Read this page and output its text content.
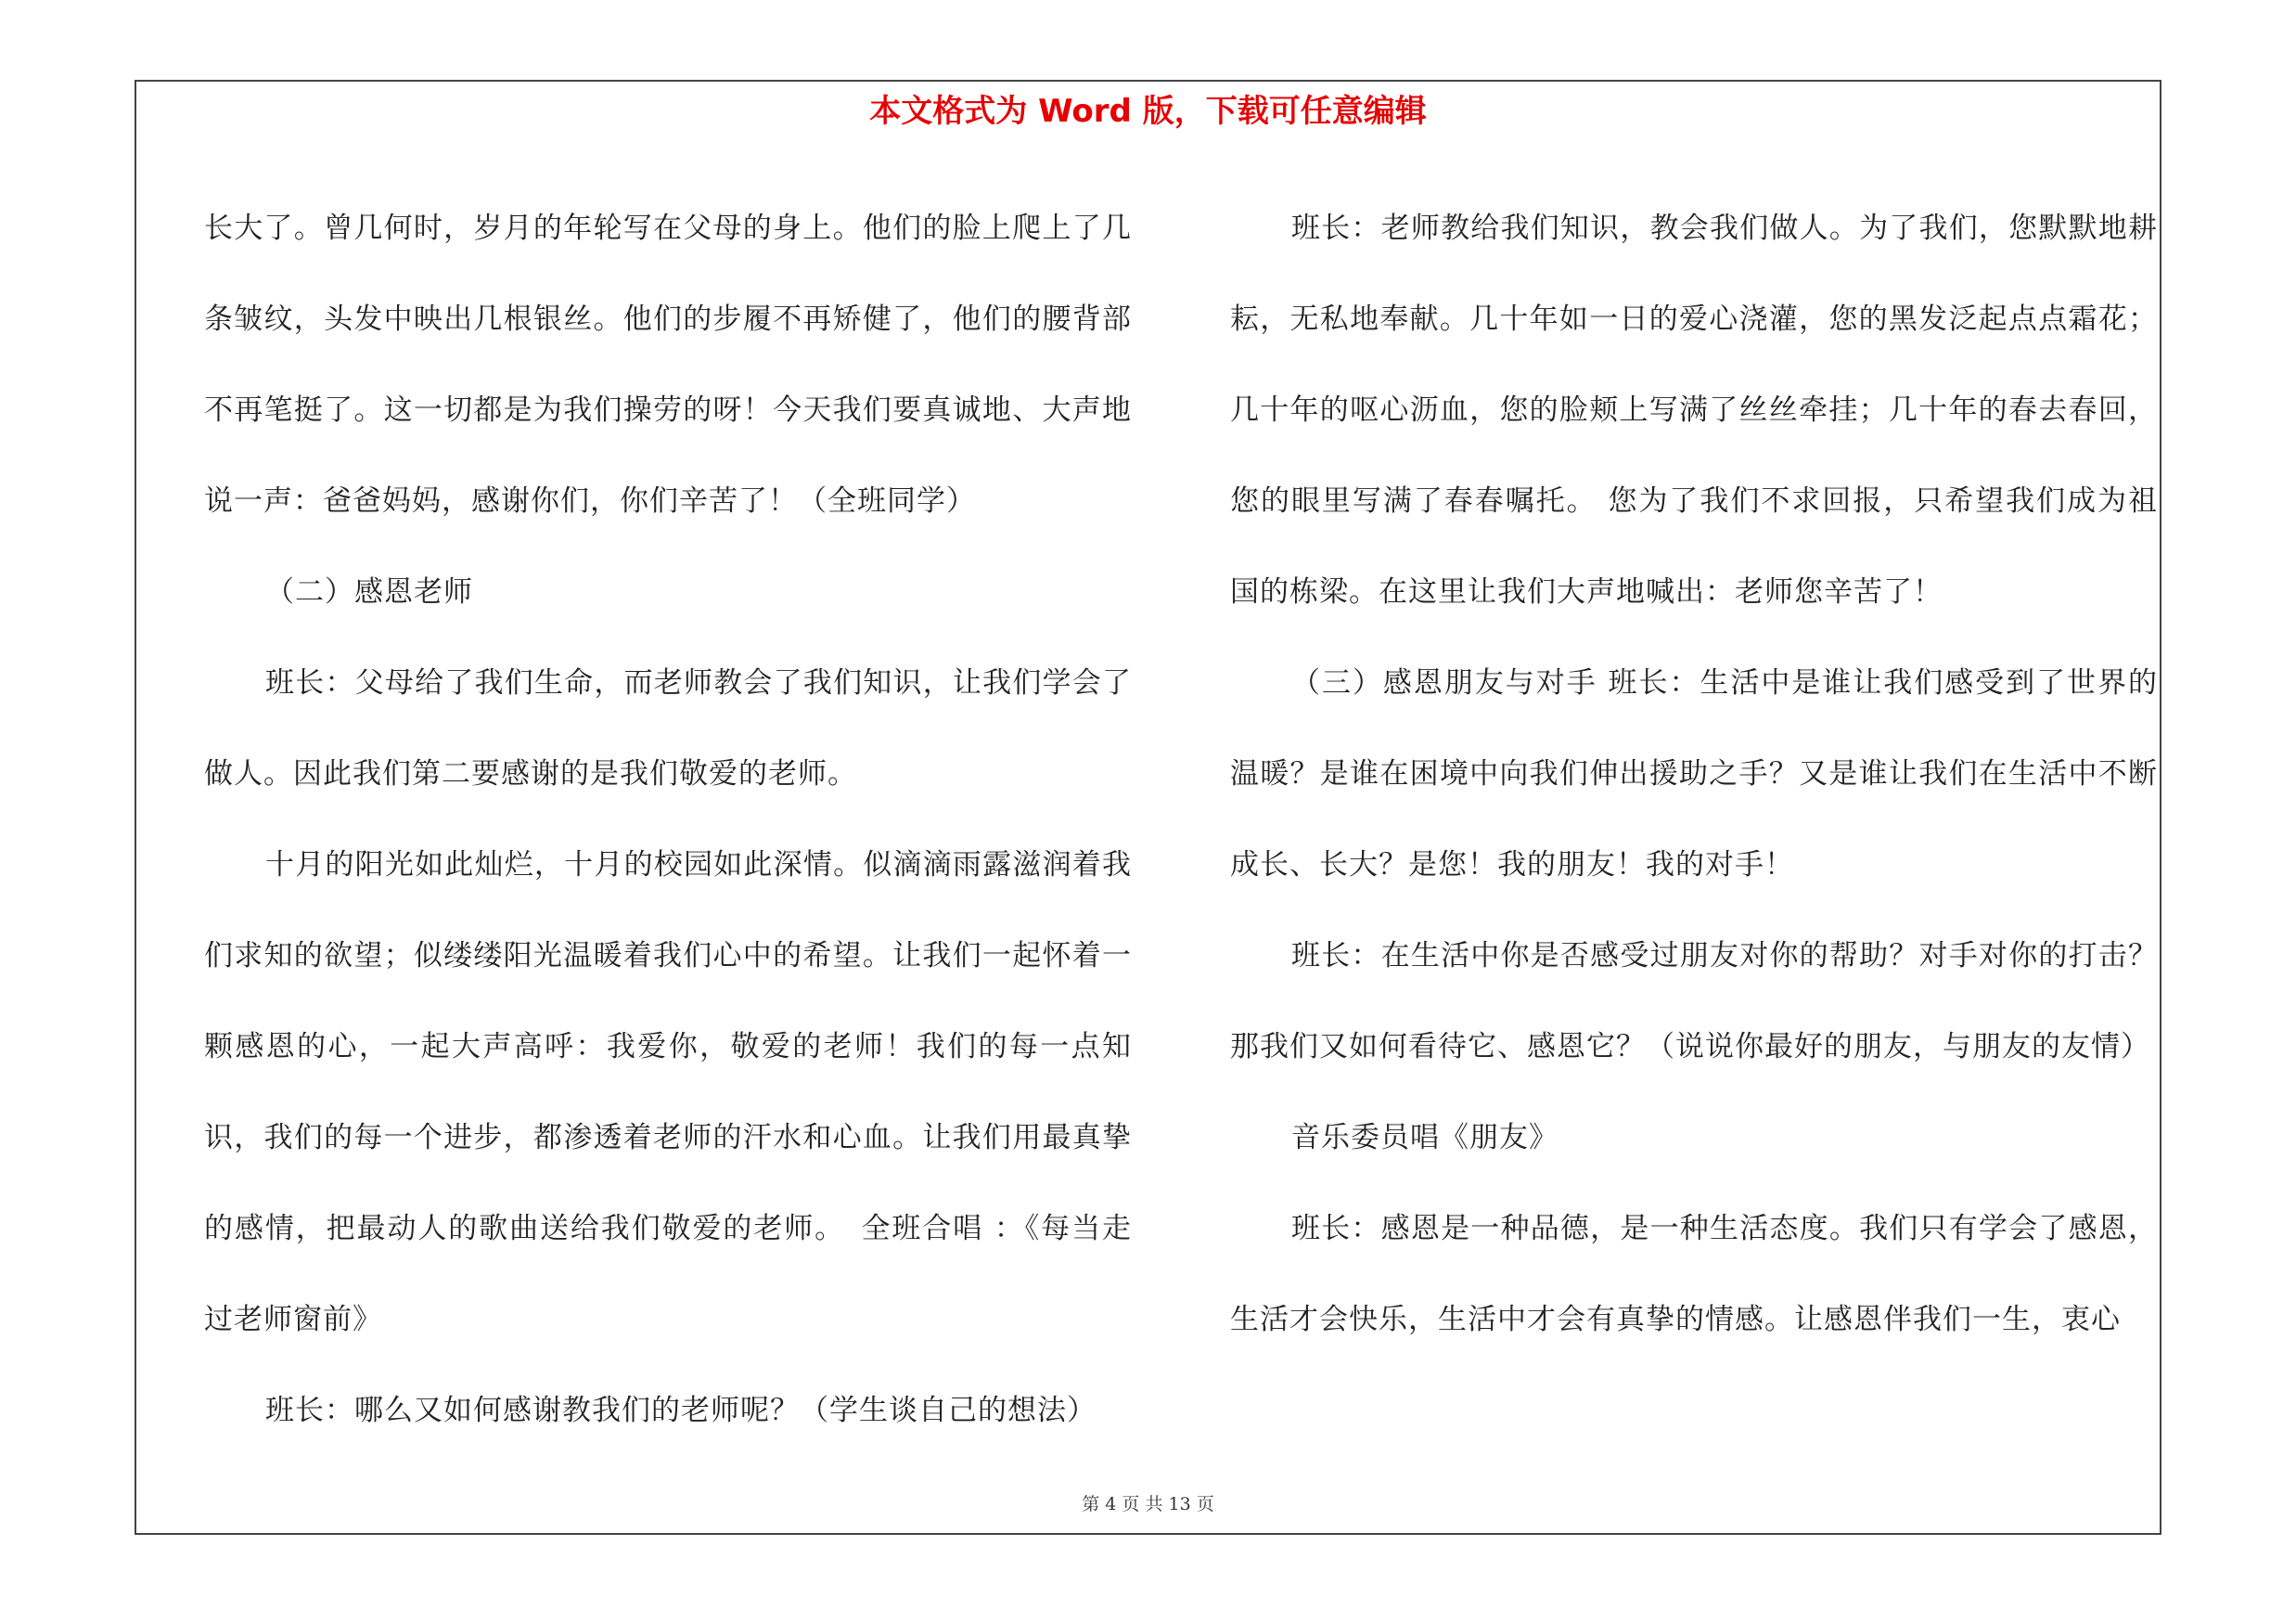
本文格式为 Word 版，下载可任意编辑

长大了。曾几何时，岁月的年轮写在父母的身上。他们的脸上爬上了几条皱纹，头发中映出几根银丝。他们的步履不再矫健了，他们的腰背部不再笔挺了。这一切都是为我们操劳的呀！今天我们要真诚地、大声地说一声：爸爸妈妈，感谢你们，你们辛苦了！（全班同学）

（二）感恩老师

班长：父母给了我们生命，而老师教会了我们知识，让我们学会了做人。因此我们第二要感谢的是我们敬爱的老师。

十月的阳光如此灿烂，十月的校园如此深情。似滴滴雨露滋润着我们求知的欲望；似缕缕阳光温暖着我们心中的希望。让我们一起怀着一颗感恩的心，一起大声高呼：我爱你，敬爱的老师！我们的每一点知识，我们的每一个进步，都渗透着老师的汗水和心血。让我们用最真挚的感情，把最动人的歌曲送给我们敬爱的老师。　全班合唱 ：《每当走过老师窗前》

班长：哪么又如何感谢教我们的老师呢？（学生谈自己的想法）

班长：老师教给我们知识，教会我们做人。为了我们，您默默地耕耘，无私地奉献。几十年如一日的爱心浇灌，您的黑发泛起点点霜花；几十年的呕心沥血，您的脸颊上写满了丝丝牵挂；几十年的春去春回，您的眼里写满了春春嘱托。 您为了我们不求回报，只希望我们成为祖国的栋梁。在这里让我们大声地喊出：老师您辛苦了！

（三）感恩朋友与对手 班长：生活中是谁让我们感受到了世界的温暖？是谁在困境中向我们伸出援助之手？又是谁让我们在生活中不断成长、长大？是您！我的朋友！我的对手！

班长：在生活中你是否感受过朋友对你的帮助？对手对你的打击？那我们又如何看待它、感恩它？（说说你最好的朋友，与朋友的友情）

音乐委员唱《朋友》

班长：感恩是一种品德，是一种生活态度。我们只有学会了感恩，生活才会快乐，生活中才会有真挚的情感。让感恩伴我们一生，衷心

第 4 页 共 13 页
